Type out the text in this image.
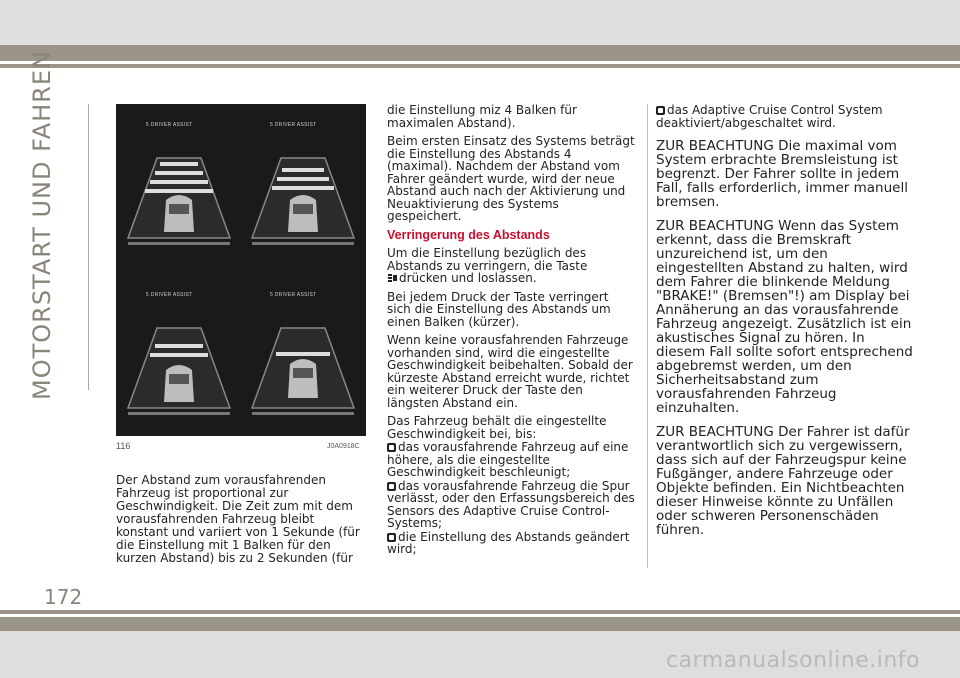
MOTORSTART UND FAHREN
172
5 DRIVER ASSIST	5 DRIVER ASSIST
5 DRIVER ASSIST	5 DRIVER ASSIST
116	J0A0918C

Der Abstand zum vorausfahrenden Fahrzeug ist proportional zur Geschwindigkeit. Die Zeit zum mit dem vorausfahrenden Fahrzeug bleibt konstant und variiert von 1 Sekunde (für die Einstellung mit 1 Balken für den kurzen Abstand) bis zu 2 Sekunden (für

die Einstellung miz 4 Balken für maximalen Abstand).

Beim ersten Einsatz des Systems beträgt die Einstellung des Abstands 4 (maximal). Nachdem der Abstand vom Fahrer geändert wurde, wird der neue Abstand auch nach der Aktivierung und Neuaktivierung des Systems gespeichert.

Verringerung des Abstands

Um die Einstellung bezüglich des Abstands zu verringern, die Taste
drücken und loslassen.

Bei jedem Druck der Taste verringert sich die Einstellung des Abstands um einen Balken (kürzer).

Wenn keine vorausfahrenden Fahrzeuge vorhanden sind, wird die eingestellte Geschwindigkeit beibehalten. Sobald der kürzeste Abstand erreicht wurde, richtet ein weiterer Druck der Taste den längsten Abstand ein.

Das Fahrzeug behält die eingestellte Geschwindigkeit bei, bis:

das vorausfahrende Fahrzeug auf eine höhere, als die eingestellte Geschwindigkeit beschleunigt;

das vorausfahrende Fahrzeug die Spur verlässt, oder den Erfassungsbereich des Sensors des Adaptive Cruise Control-Systems;

die Einstellung des Abstands geändert wird;

das Adaptive Cruise Control System deaktiviert/abgeschaltet wird.

ZUR BEACHTUNG Die maximal vom System erbrachte Bremsleistung ist begrenzt. Der Fahrer sollte in jedem Fall, falls erforderlich, immer manuell bremsen.

ZUR BEACHTUNG Wenn das System erkennt, dass die Bremskraft unzureichend ist, um den eingestellten Abstand zu halten, wird dem Fahrer die blinkende Meldung "BRAKE!" (Bremsen"!) am Display bei Annäherung an das vorausfahrende Fahrzeug angezeigt. Zusätzlich ist ein akustisches Signal zu hören. In diesem Fall sollte sofort entsprechend abgebremst werden, um den Sicherheitsabstand zum vorausfahrenden Fahrzeug einzuhalten.

ZUR BEACHTUNG Der Fahrer ist dafür verantwortlich sich zu vergewissern, dass sich auf der Fahrzeugspur keine Fußgänger, andere Fahrzeuge oder Objekte befinden. Ein Nichtbeachten dieser Hinweise könnte zu Unfällen oder schweren Personenschäden führen.

carmanualsonline.info
